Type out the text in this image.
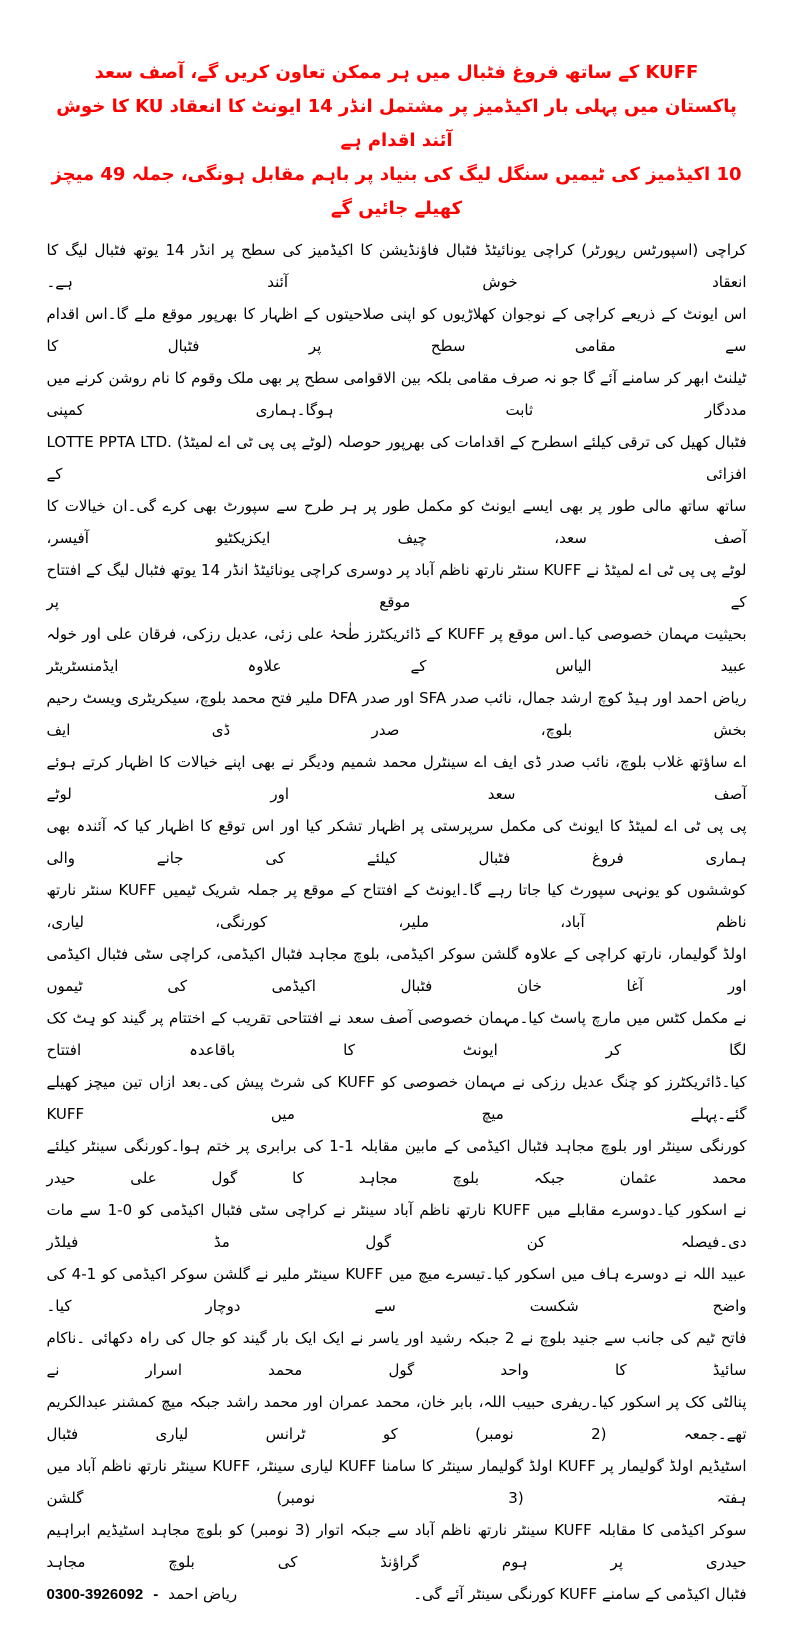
KUFF کے ساتھ فروغ فٹبال میں ہر ممکن تعاون کریں گے، آصف سعد

پاکستان میں پہلی بار اکیڈمیز پر مشتمل انڈر 14 ایونٹ کا انعقاد KU کا خوش آئند اقدام ہے

10 اکیڈمیز کی ٹیمیں سنگل لیگ کی بنیاد پر باہم مقابل ہونگی، جملہ 49 میچز کھیلے جائیں گے

کراچی (اسپورٹس رپورٹر) کراچی یونائیٹڈ فٹبال فاؤنڈیشن کا اکیڈمیز کی سطح پر انڈر 14 یوتھ فٹبال لیگ کا انعقاد خوش آئند ہے۔

اس ایونٹ کے ذریعے کراچی کے نوجوان کھلاڑیوں کو اپنی صلاحیتوں کے اظہار کا بھرپور موقع ملے گا۔اس اقدام سے مقامی سطح پر فٹبال کا

ٹیلنٹ ابھر کر سامنے آئے گا جو نہ صرف مقامی بلکہ بین الاقوامی سطح پر بھی ملک وقوم کا نام روشن کرنے میں مددگار ثابت ہوگا۔ہماری کمپنی

LOTTE PPTA LTD. (لوٹے پی پی ٹی اے لمیٹڈ) فٹبال کھیل کی ترقی کیلئے اسطرح کے اقدامات کی بھرپور حوصلہ افزائی کے

ساتھ ساتھ مالی طور پر بھی ایسے ایونٹ کو مکمل طور پر ہر طرح سے سپورٹ بھی کرے گی۔ان خیالات کا آصف سعد، چیف ایکزیکٹیو آفیسر،

لوٹے پی پی ٹی اے لمیٹڈ نے KUFF سنٹر نارتھ ناظم آباد پر دوسری کراچی یونائیٹڈ انڈر 14 یوتھ فٹبال لیگ کے افتتاح کے موقع پر

بحیثیت مہمان خصوصی کیا۔اس موقع پر KUFF کے ڈائریکٹرز طٰحہٰ علی زئی، عدیل رزکی، فرقان علی اور خولہ عبید الیاس کے علاوہ ایڈمنسٹریٹر

ریاض احمد اور ہیڈ کوچ ارشد جمال، نائب صدر SFA اور صدر DFA ملیر فتح محمد بلوچ، سیکریٹری ویسٹ رحیم بخش بلوچ، صدر ڈی ایف

اے ساؤتھ غلاب بلوچ، نائب صدر ڈی ایف اے سینٹرل محمد شمیم ودیگر نے بھی اپنے خیالات کا اظہار کرتے ہوئے آصف سعد اور لوٹے

پی پی ٹی اے لمیٹڈ کا ایونٹ کی مکمل سرپرستی پر اظہار تشکر کیا اور اس توقع کا اظہار کیا کہ آئندہ بھی ہماری فروغ فٹبال کیلئے کی جانے والی

کوششوں کو یونہی سپورٹ کیا جاتا رہے گا۔ایونٹ کے افتتاح کے موقع پر جملہ شریک ٹیمیں KUFF سنٹر نارتھ ناظم آباد، ملیر، کورنگی، لیاری،

اولڈ گولیمار، نارتھ کراچی کے علاوہ گلشن سوکر اکیڈمی، بلوچ مجاہد فٹبال اکیڈمی، کراچی سٹی فٹبال اکیڈمی اور آغا خان فٹبال اکیڈمی کی ٹیموں

نے مکمل کٹس میں مارچ پاسٹ کیا۔مہمان خصوصی آصف سعد نے افتتاحی تقریب کے اختتام پر گیند کو ہِٹ کک لگا کر ایونٹ کا باقاعدہ افتتاح

کیا۔ڈائریکٹرز کو چنگ عدیل رزکی نے مہمان خصوصی کو KUFF کی شرٹ پیش کی۔بعد ازاں تین میچز کھیلے گئے۔پہلے میچ میں KUFF

کورنگی سینٹر اور بلوچ مجاہد فٹبال اکیڈمی کے مابین مقابلہ 1-1 کی برابری پر ختم ہوا۔کورنگی سینٹر کیلئے محمد عثمان جبکہ بلوچ مجاہد کا گول علی حیدر

نے اسکور کیا۔دوسرے مقابلے میں KUFF نارتھ ناظم آباد سینٹر نے کراچی سٹی فٹبال اکیڈمی کو 0-1 سے مات دی۔فیصلہ کن گول مڈ فیلڈر

عبید اللہ نے دوسرے ہاف میں اسکور کیا۔تیسرے میچ میں KUFF سینٹر ملیر نے گلشن سوکر اکیڈمی کو 1-4 کی واضح شکست سے دوچار کیا۔

فاتح ٹیم کی جانب سے جنید بلوچ نے 2 جبکہ رشید اور یاسر نے ایک ایک بار گیند کو جال کی راہ دکھائی ۔ناکام سائیڈ کا واحد گول محمد اسرار نے

پنالٹی کک پر اسکور کیا۔ریفری حبیب اللہ، بابر خان، محمد عمران اور محمد راشد جبکہ میچ کمشنر عبدالکریم تھے۔جمعہ (2 نومبر) کو ٹرانس لیاری فٹبال

اسٹیڈیم اولڈ گولیمار پر KUFF اولڈ گولیمار سینٹر کا سامنا KUFF لیاری سینٹر، KUFF سینٹر نارتھ ناظم آباد میں ہفتہ (3 نومبر) گلشن

سوکر اکیڈمی کا مقابلہ KUFF سینٹر نارتھ ناظم آباد سے جبکہ اتوار (3 نومبر) کو بلوچ مجاہد اسٹیڈیم ابراہیم حیدری پر ہوم گراؤنڈ کی بلوچ مجاہد

فٹبال اکیڈمی کے سامنے KUFF کورنگی سینٹر آئے گی۔
0300-3926092 - ریاض احمد
